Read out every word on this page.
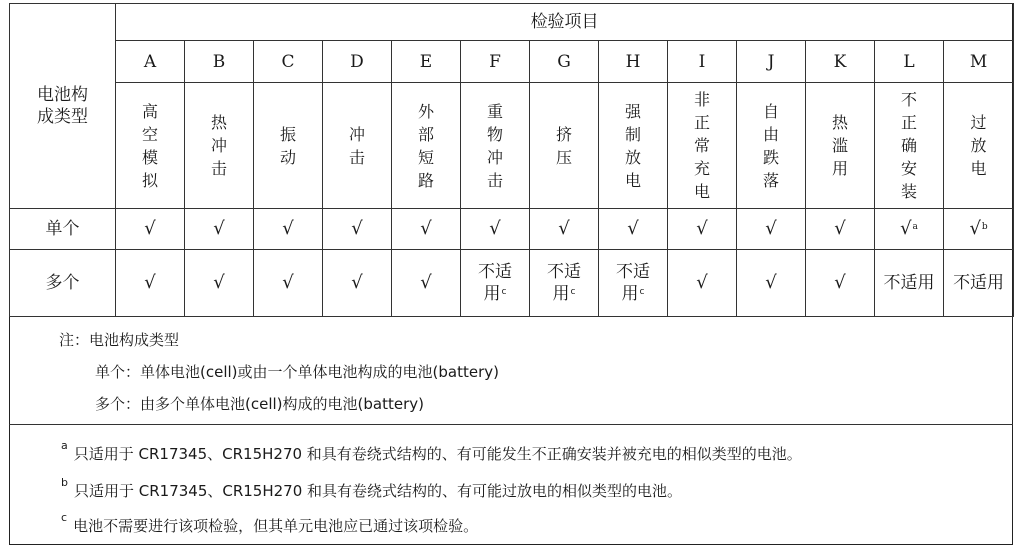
电池构成类型	检验项目												
	A	B	C	D	E	F	G	H	I	J	K	L	M
	高空模拟	热冲击	振动	冲击	外部短路	重物冲击	挤压	强制放电	非正常充电	自由跌落	热滥用	不正确安装	过放电
单个	√	√	√	√	√	√	√	√	√	√	√	√$^a$	√$^b$
多个	√	√	√	√	√	不适用$^c$	不适用$^c$	不适用$^c$	√	√	√	不适用	不适用
注：电池构成类型
单个：单体电池(cell)或由一个单体电池构成的电池(battery)
多个：由多个单体电池(cell)构成的电池(battery)
$^a$ 只适用于 CR17345、CR15H270 和具有卷绕式结构的、有可能发生不正确安装并被充电的相似类型的电池。
$^b$ 只适用于 CR17345、CR15H270 和具有卷绕式结构的、有可能过放电的相似类型的电池。
$^c$ 电池不需要进行该项检验，但其单元电池应已通过该项检验。
